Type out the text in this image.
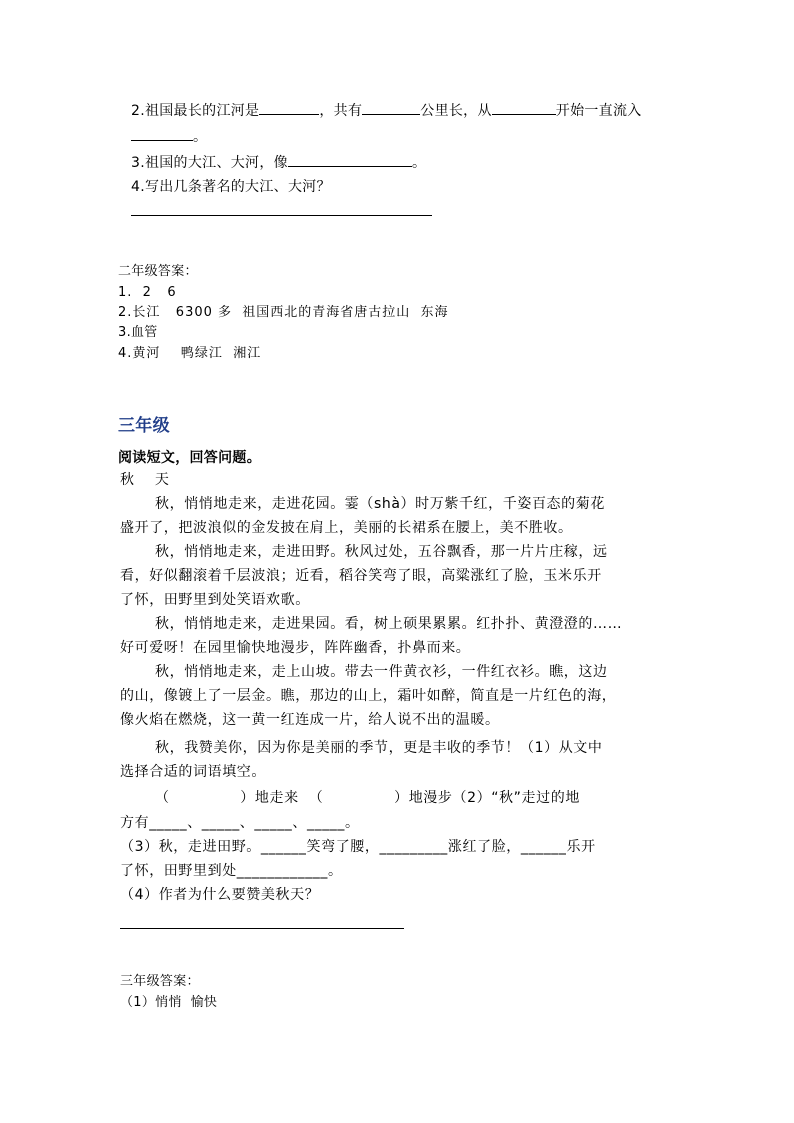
2.祖国最长的江河是	，共有	公里长，从	开始一直流入
。
3.祖国的大江、大河，像	。
4.写出几条著名的大江、大河？
二年级答案：
1.  2   6
2.长江   6300 多  祖国西北的青海省唐古拉山  东海
3.血管
4.黄河    鸭绿江  湘江
三年级
阅读短文，回答问题。
秋  天
秋，悄悄地走来，走进花园。霎（shà）时万紫千红，千姿百态的菊花
盛开了，把波浪似的金发披在肩上，美丽的长裙系在腰上，美不胜收。
秋，悄悄地走来，走进田野。秋风过处，五谷飘香，那一片片庄稼，远
看，好似翻滚着千层波浪；近看，稻谷笑弯了眼，高粱涨红了脸，玉米乐开
了怀，田野里到处笑语欢歌。
秋，悄悄地走来，走进果园。看，树上硕果累累。红扑扑、黄澄澄的……
好可爱呀！在园里愉快地漫步，阵阵幽香，扑鼻而来。
秋，悄悄地走来，走上山坡。带去一件黄衣衫，一件红衣衫。瞧，这边
的山，像镀上了一层金。瞧，那边的山上，霜叶如醉，简直是一片红色的海，
像火焰在燃烧，这一黄一红连成一片，给人说不出的温暖。
秋，我赞美你，因为你是美丽的季节，更是丰收的季节！（1）从文中
选择合适的词语填空。
（              ）地走来  （              ）地漫步（2）“秋”走过的地
方有_____、_____、_____、_____。
（3）秋，走进田野。______笑弯了腰，_________涨红了脸，______乐开
了怀，田野里到处____________。
（4）作者为什么要赞美秋天？
三年级答案：
（1）悄悄  愉快
